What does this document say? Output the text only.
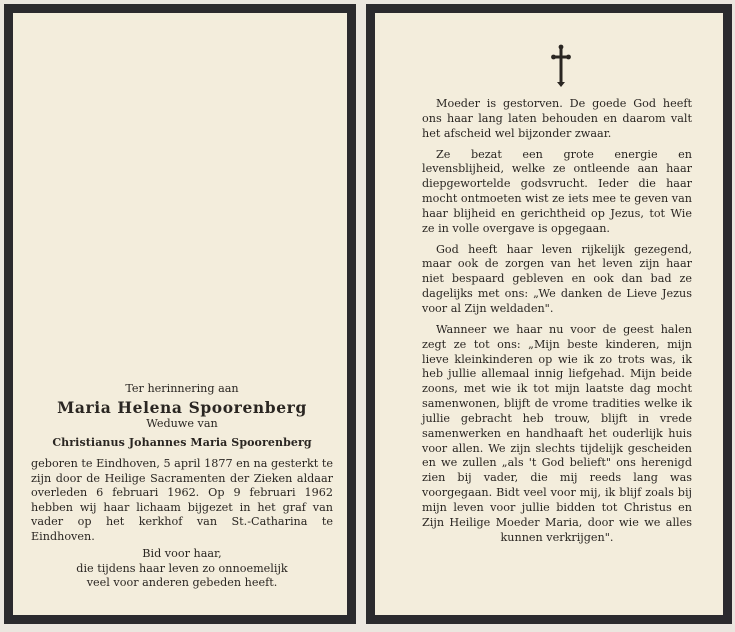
Ter herinnering aan
Maria Helena Spoorenberg
Weduwe van
Christianus Johannes Maria Spoorenberg

geboren te Eindhoven, 5 april 1877 en na gesterkt te zijn door de Heilige Sacramenten der Zieken aldaar overleden 6 februari 1962. Op 9 februari 1962 hebben wij haar lichaam bijgezet in het graf van vader op het kerkhof van St.-Catharina te Eindhoven.

Bid voor haar,
die tijdens haar leven zo onnoemelijk
veel voor anderen gebeden heeft.

Moeder is gestorven. De goede God heeft ons haar lang laten behouden en daarom valt het afscheid wel bijzonder zwaar.

Ze bezat een grote energie en levensblijheid, welke ze ontleende aan haar diepgewortelde godsvrucht. Ieder die haar mocht ontmoeten wist ze iets mee te geven van haar blijheid en gerichtheid op Jezus, tot Wie ze in volle overgave is opgegaan.

God heeft haar leven rijkelijk gezegend, maar ook de zorgen van het leven zijn haar niet bespaard gebleven en ook dan bad ze dagelijks met ons: „We danken de Lieve Jezus voor al Zijn weldaden".

Wanneer we haar nu voor de geest halen zegt ze tot ons: „Mijn beste kinderen, mijn lieve kleinkinderen op wie ik zo trots was, ik heb jullie allemaal innig liefgehad. Mijn beide zoons, met wie ik tot mijn laatste dag mocht samenwonen, blijft de vrome tradities welke ik jullie gebracht heb trouw, blijft in vrede samenwerken en handhaaft het ouderlijk huis voor allen. We zijn slechts tijdelijk gescheiden en we zullen „als 't God belieft" ons herenigd zien bij vader, die mij reeds lang was voorgegaan. Bidt veel voor mij, ik blijf zoals bij mijn leven voor jullie bidden tot Christus en Zijn Heilige Moeder Maria, door wie we alles kunnen verkrijgen".
